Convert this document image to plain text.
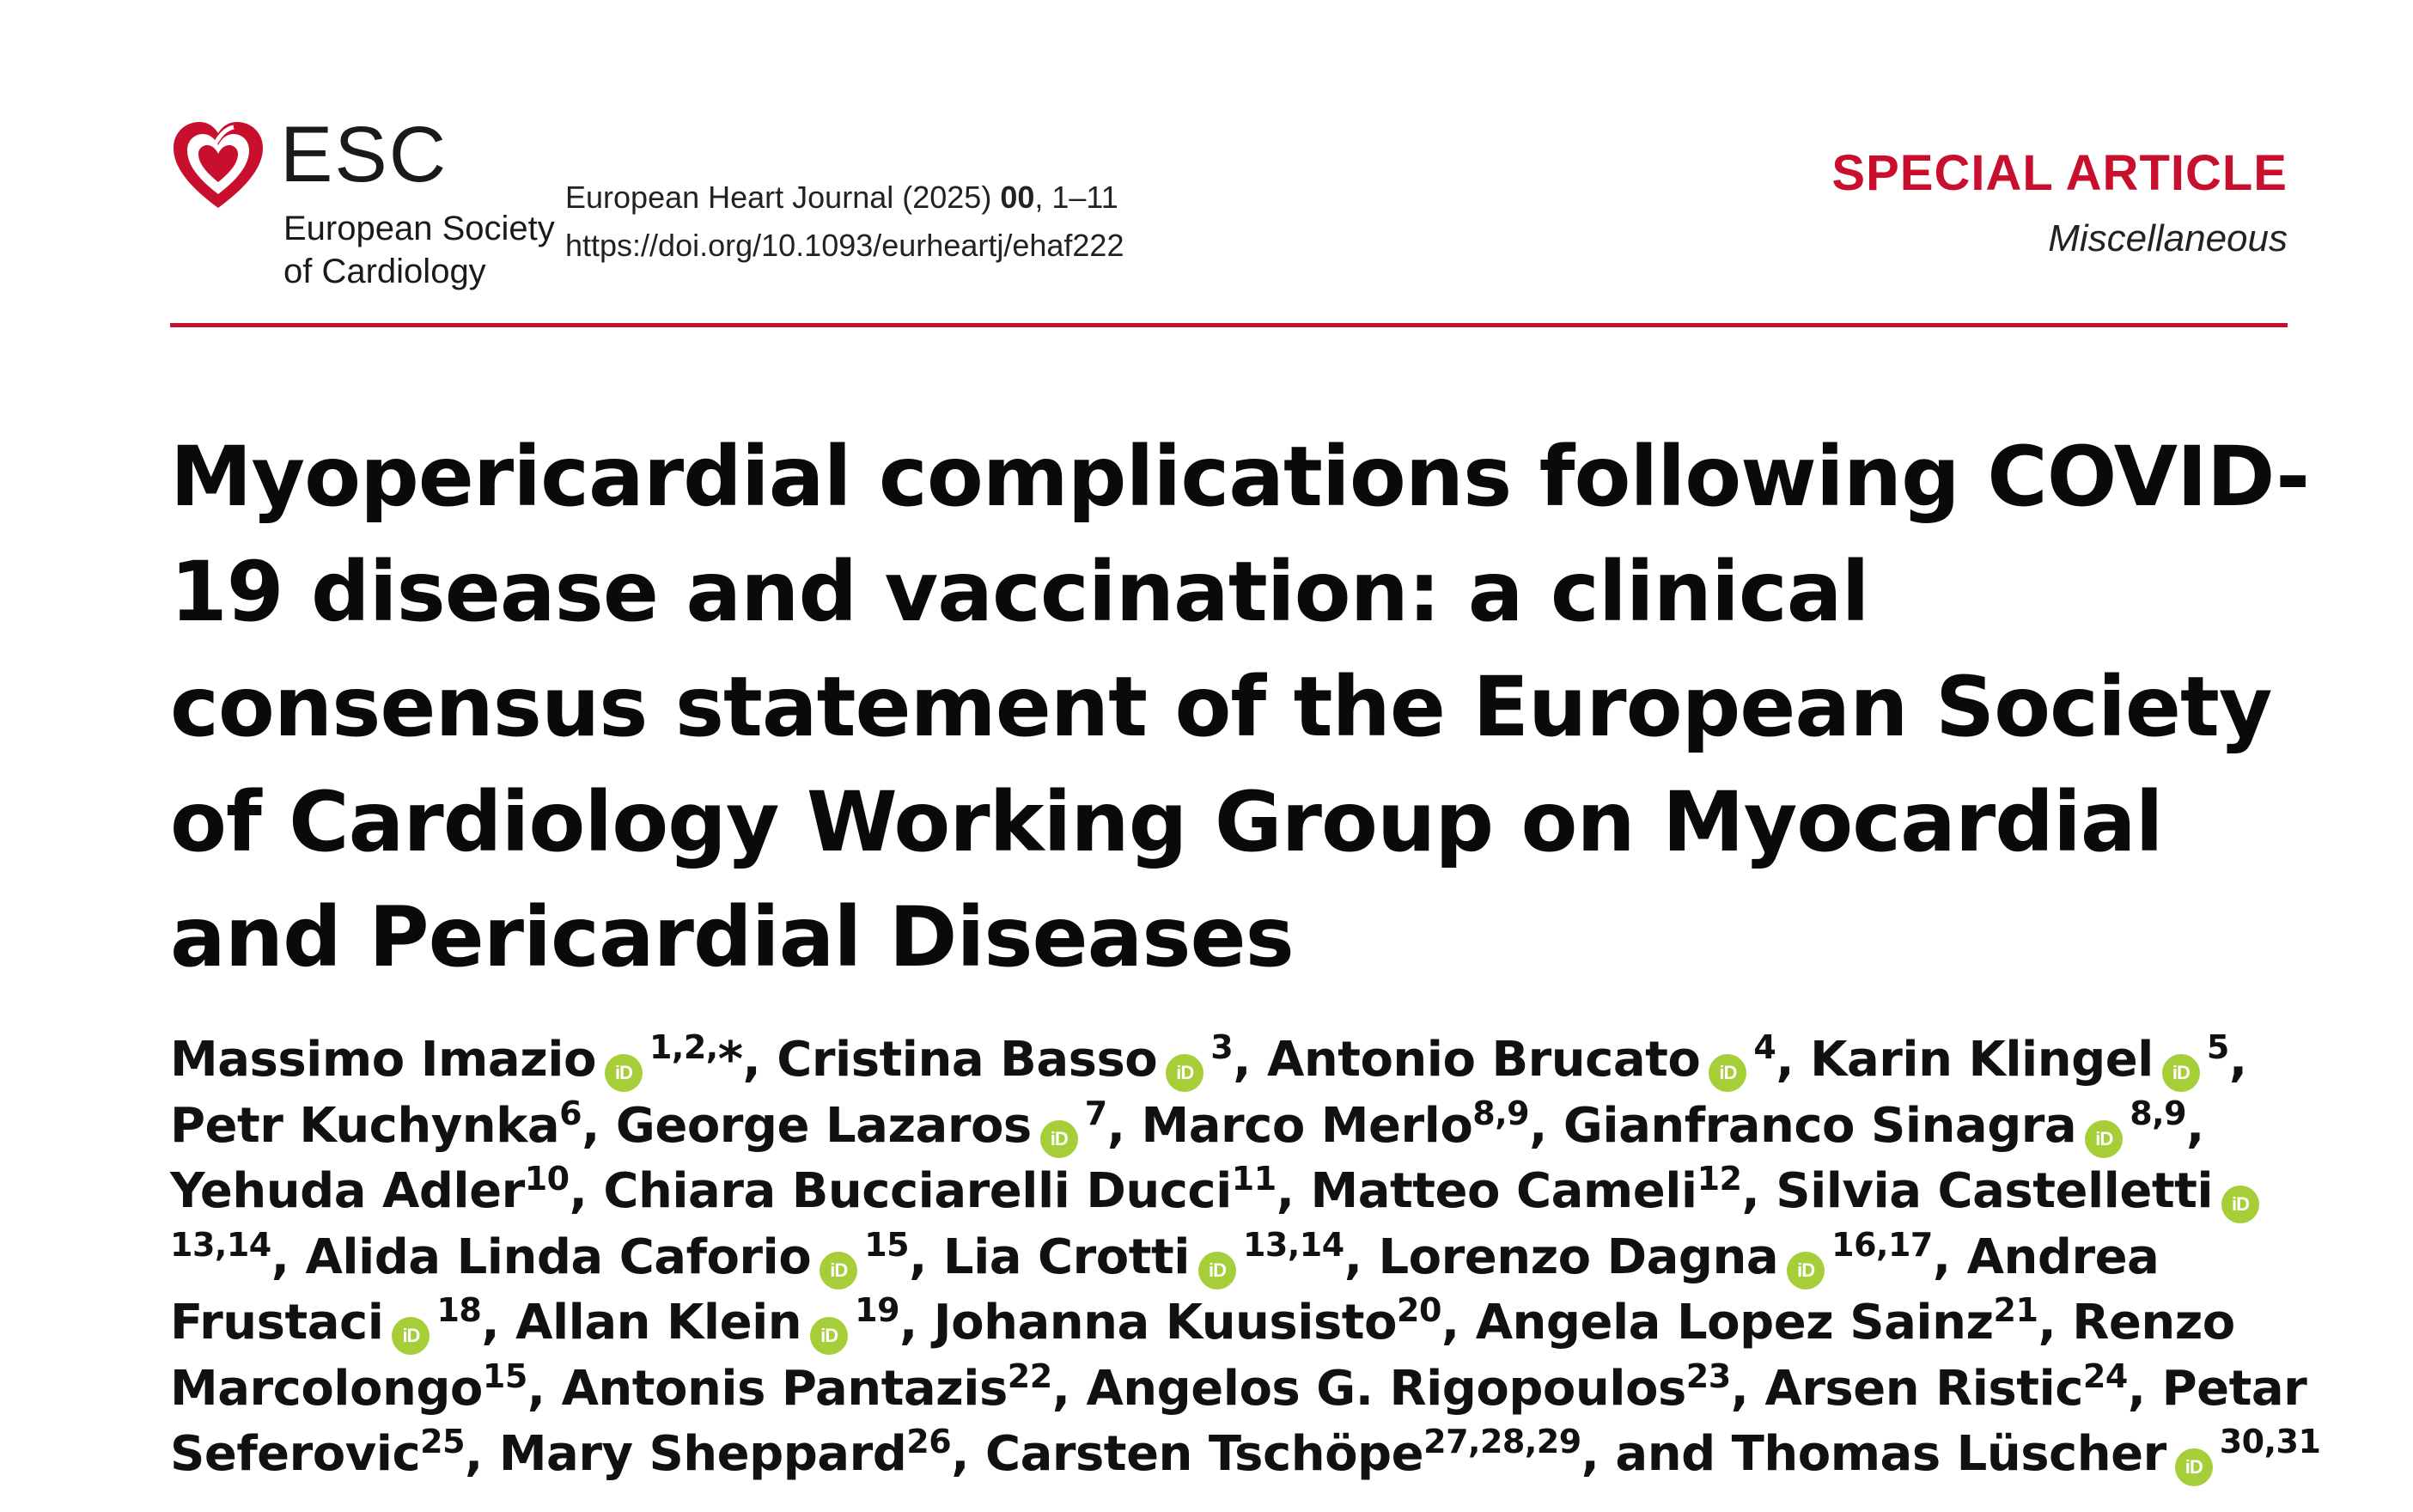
ESC
European Society
of Cardiology
European Heart Journal (2025) 00, 1–11
https://doi.org/10.1093/eurheartj/ehaf222
SPECIAL ARTICLE
Miscellaneous
Myopericardial complications following COVID-19 disease and vaccination: a clinical consensus statement of the European Society of Cardiology Working Group on Myocardial and Pericardial Diseases
Massimo Imazio $iD^{1,2,}*$, Cristina Basso $iD^3$, Antonio Brucato $iD^4$, Karin Klingel $iD^5$, Petr Kuchynka$^6$, George Lazaros $iD^7$, Marco Merlo$^{8,9}$, Gianfranco Sinagra iD$^{8,9}$, Yehuda Adler$^{10}$, Chiara Bucciarelli Ducci$^{11}$, Matteo Cameli$^{12}$, Silvia Castelletti iD$^{13,14}$, Alida Linda Caforio $iD^{15}$, Lia Crotti iD$^{13,14}$, Lorenzo Dagna iD$^{16,17}$, Andrea Frustaci $iD^{18}$, Allan Klein $iD^{19}$, Johanna Kuusisto$^{20}$, Angela Lopez Sainz$^{21}$, Renzo Marcolongo$^{15}$, Antonis Pantazis$^{22}$, Angelos G. Rigopoulos$^{23}$, Arsen Ristic$^{24}$, Petar Seferovic$^{25}$, Mary Sheppard$^{26}$, Carsten Tschöpe$^{27,28,29}$, and Thomas Lüscher iD$^{30,31}$
